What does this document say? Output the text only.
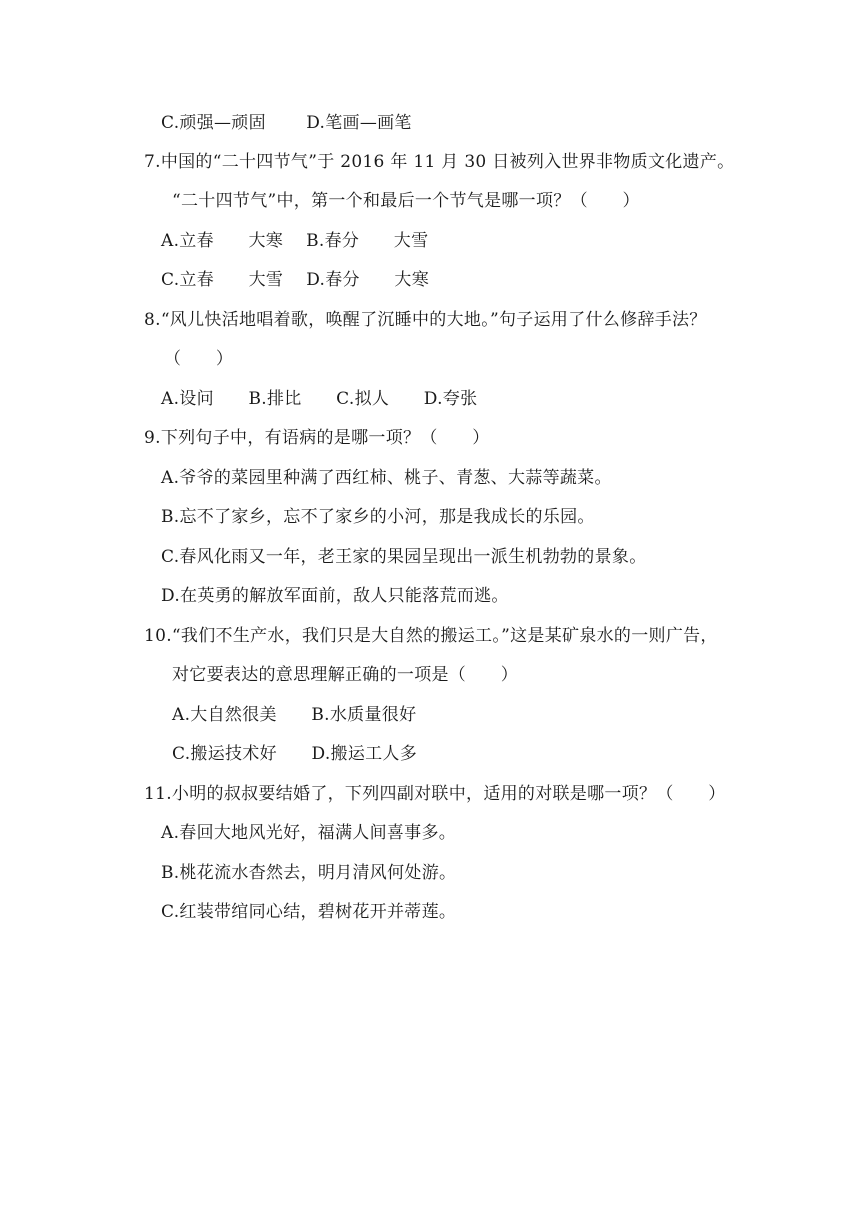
C.顽强—顽固　　 D.笔画—画笔
7.中国的“二十四节气”于 2016 年 11 月 30 日被列入世界非物质文化遗产。
“二十四节气”中，第一个和最后一个节气是哪一项？（　　）
A.立春　　大寒　 B.春分　　大雪
C.立春　　大雪　 D.春分　　大寒
8.“风儿快活地唱着歌，唤醒了沉睡中的大地。”句子运用了什么修辞手法？
（　　）
A.设问　　B.排比　　C.拟人　　D.夸张
9.下列句子中，有语病的是哪一项？（　　）
A.爷爷的菜园里种满了西红柿、桃子、青葱、大蒜等蔬菜。
B.忘不了家乡，忘不了家乡的小河，那是我成长的乐园。
C.春风化雨又一年，老王家的果园呈现出一派生机勃勃的景象。
D.在英勇的解放军面前，敌人只能落荒而逃。
10.“我们不生产水，我们只是大自然的搬运工。”这是某矿泉水的一则广告，
对它要表达的意思理解正确的一项是（　　）
A.大自然很美　　B.水质量很好
C.搬运技术好　　D.搬运工人多
11.小明的叔叔要结婚了，下列四副对联中，适用的对联是哪一项？（　　）
A.春回大地风光好，福满人间喜事多。
B.桃花流水杳然去，明月清风何处游。
C.红装带绾同心结，碧树花开并蒂莲。
